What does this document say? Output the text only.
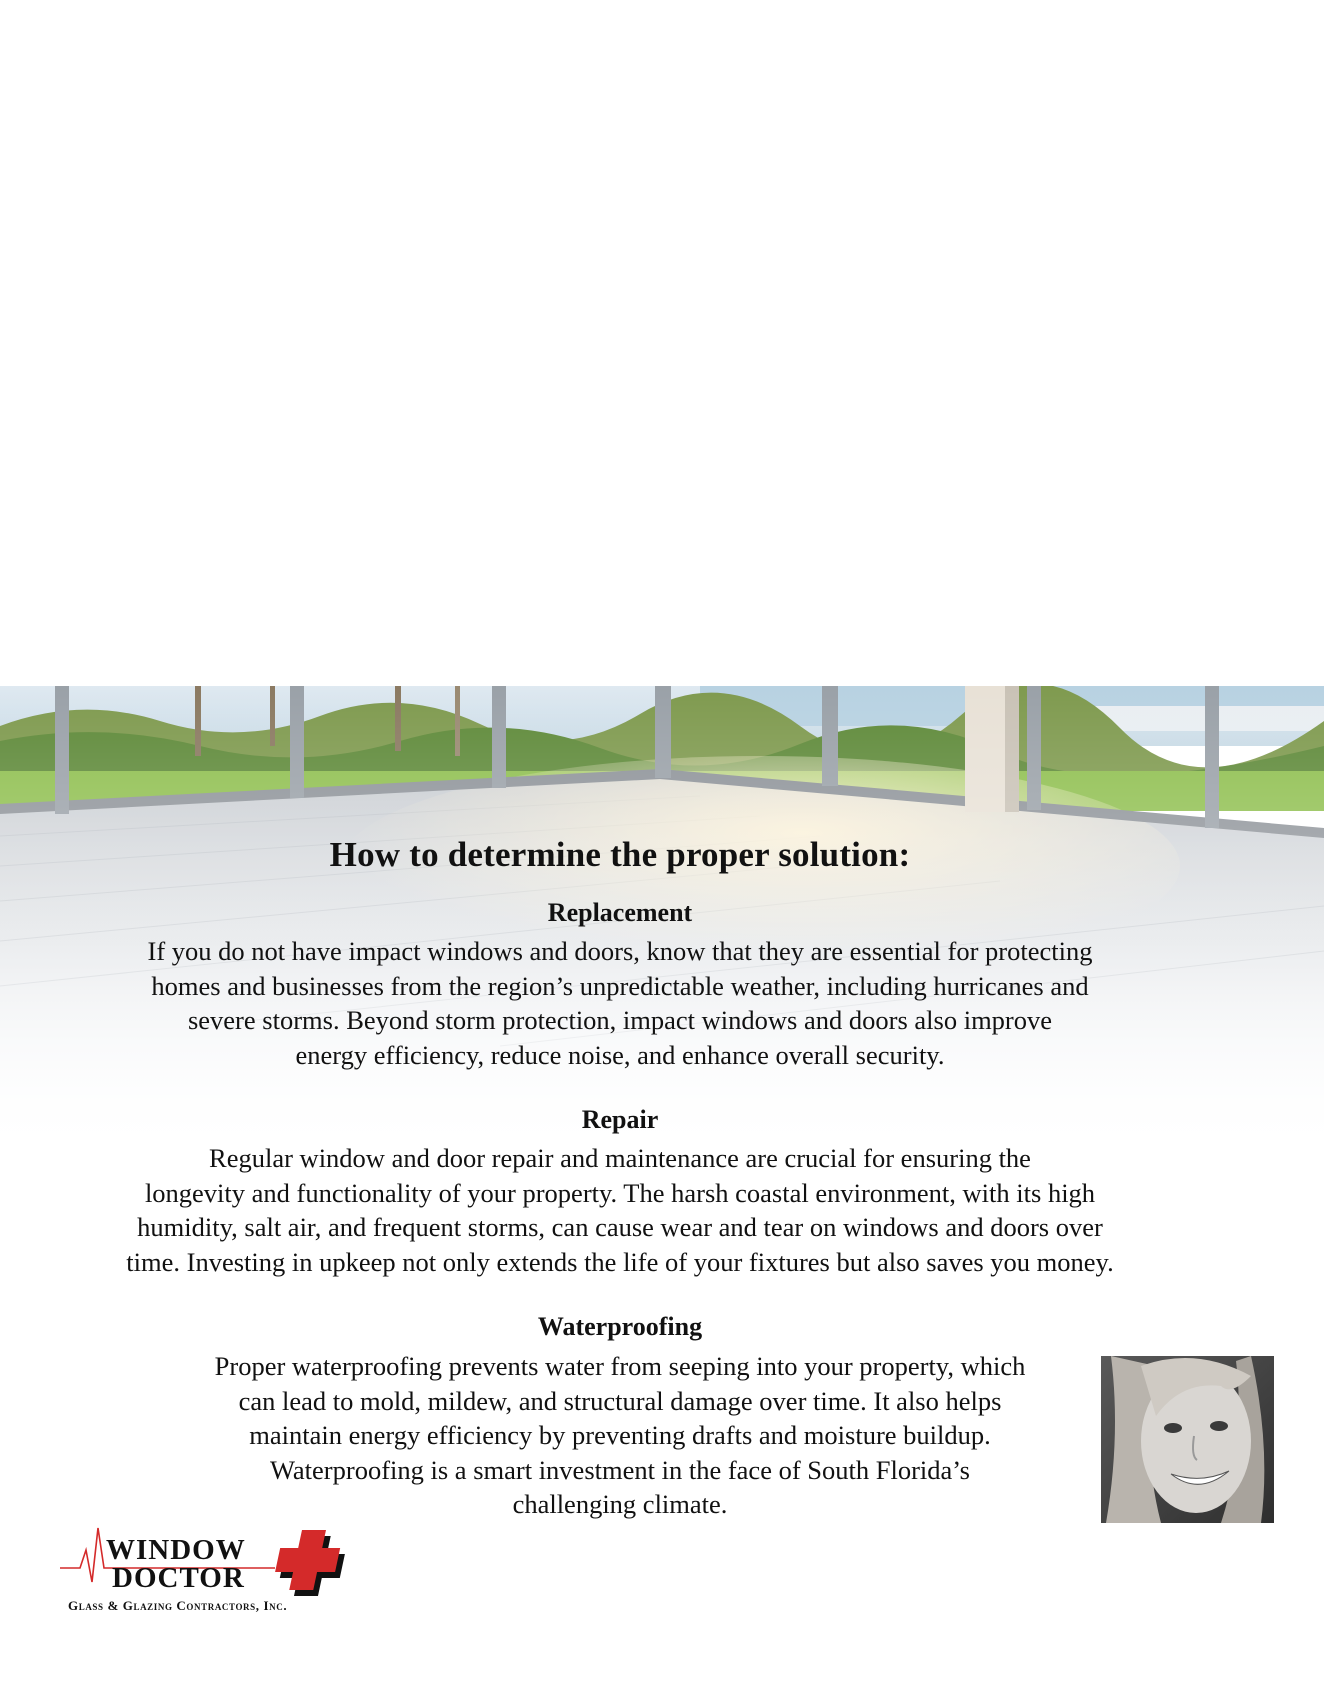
How to determine the proper solution:
Replacement
If you do not have impact windows and doors, know that they are essential for protecting
homes and businesses from the region’s unpredictable weather, including hurricanes and
severe storms. Beyond storm protection, impact windows and doors also improve
energy efficiency, reduce noise, and enhance overall security.
Repair
Regular window and door repair and maintenance are crucial for ensuring the
longevity and functionality of your property. The harsh coastal environment, with its high
humidity, salt air, and frequent storms, can cause wear and tear on windows and doors over
time. Investing in upkeep not only extends the life of your fixtures but also saves you money.
Waterproofing
Proper waterproofing prevents water from seeping into your property, which
can lead to mold, mildew, and structural damage over time. It also helps
maintain energy efficiency by preventing drafts and moisture buildup.
Waterproofing is a smart investment in the face of South Florida’s
challenging climate.
WINDOW
DOCTOR
Glass & Glazing Contractors, Inc.
